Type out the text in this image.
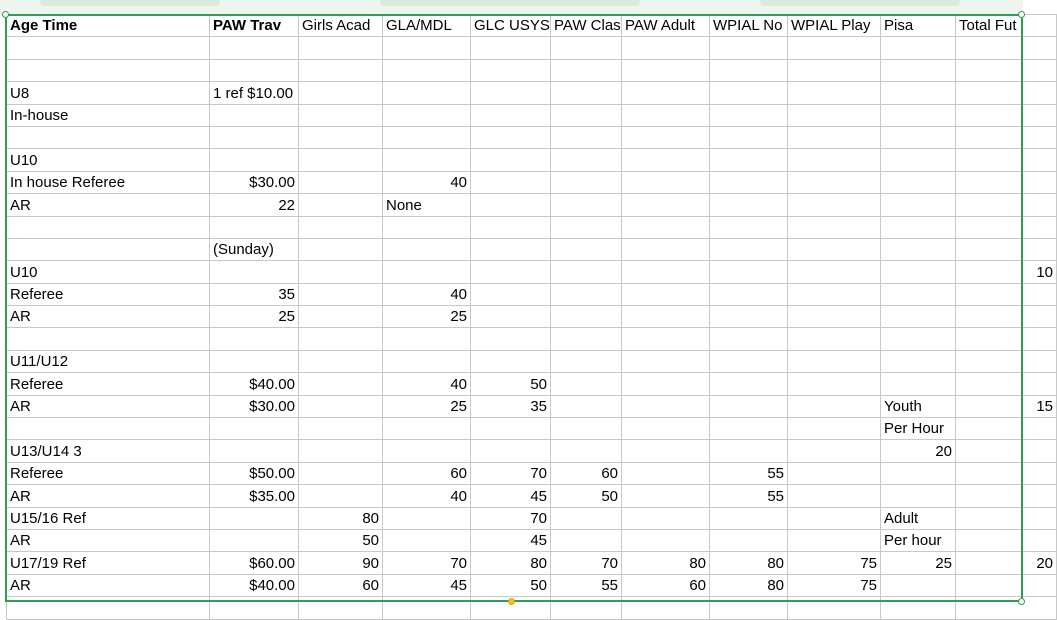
Age Time	PAW Trav	Girls Acad	GLA/MDL	GLC USYS	PAW Clas	PAW Adult	WPIAL No	WPIAL Play	Pisa	Total Fut

U8	1 ref $10.00									
In-house										

U10										
In house Referee	$30.00		40							
AR	22		None							

	(Sunday)									
U10										10
Referee	35		40							
AR	25		25							

U11/U12										
Referee	$40.00		40	50						
AR	$30.00		25	35					Youth	15
									Per Hour	
U13/U14 3									20	
Referee	$50.00		60	70	60		55			
AR	$35.00		40	45	50		55			
U15/16 Ref		80		70					Adult	
AR		50		45					Per hour	
U17/19 Ref	$60.00	90	70	80	70	80	80	75	25	20
AR	$40.00	60	45	50	55	60	80	75		
